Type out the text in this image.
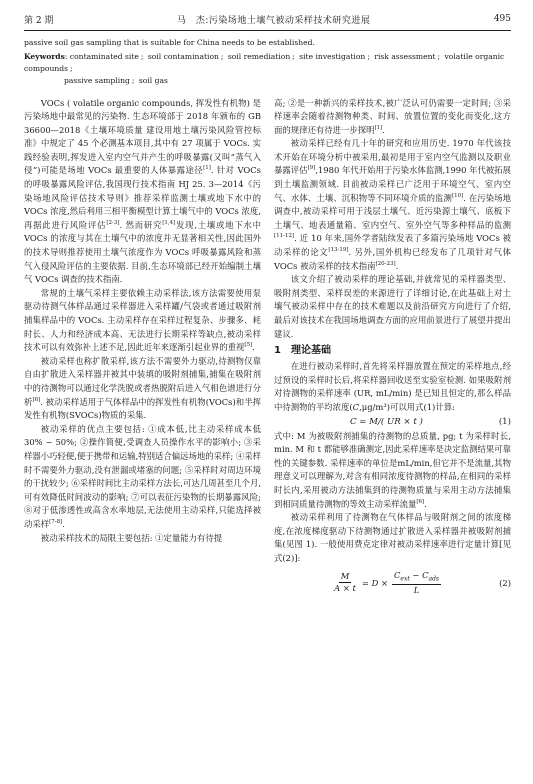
第 2 期	马　杰:污染场地土壤气被动采样技术研究进展	495
passive soil gas sampling that is suitable for China needs to be established.
Keywords: contaminated site ; soil contamination ; soil remediation ; site investigation ; risk assessment ; volatile organic compounds ;
passive sampling ; soil gas

VOCs ( volatile organic compounds, 挥发性有机物) 是污染场地中最常见的污染物. 生态环境部于 2018 年颁布的 GB 36600—2018《土壤环境质量 建设用地土壤污染风险管控标准》中规定了 45 个必测基本项目,其中有 27 项属于 VOCs. 实践经验表明,挥发进入室内空气并产生的呼吸暴露(又叫“蒸气入侵”)可能是场地 VOCs 最重要的人体暴露途径[1]. 针对 VOCs 的呼吸暴露风险评估,我国现行技术指南 HJ 25. 3—2014《污染场地风险评估技术导则》推荐采样监测土壤或地下水中的 VOCs 浓度,然后利用三相平衡模型计算土壤气中的 VOCs 浓度,再据此进行风险评估[2-3]. 然而研究[1,4]发现,土壤或地下水中 VOCs 的浓度与其在土壤气中的浓度并无显著相关性,因此国外的技术导则推荐使用土壤气浓度作为 VOCs 呼吸暴露风险和蒸气入侵风险评估的主要依据. 目前,生态环境部已经开始编制土壤气 VOCs 调查的技术指南.

常规的土壤气采样主要依赖主动采样法,该方法需要使用泵驱动待测气体样品通过采样器进入采样罐/气袋或者通过吸附剂捕集样品中的 VOCs. 主动采样存在采样过程复杂、步骤多、耗时长、人力和经济成本高、无法进行长期采样等缺点,被动采样技术可以有效弥补上述不足,因此近年来逐渐引起业界的重视[5].

被动采样也称扩散采样,该方法不需要外力驱动,待测物仅靠自由扩散进入采样器并被其中装填的吸附剂捕集,捕集在吸附剂中的待测物可以通过化学洗脱或者热脱附后进入气相色谱进行分析[6]. 被动采样适用于气体样品中的挥发性有机物(VOCs)和半挥发性有机物(SVOCs)物质的采集.

被动采样的优点主要包括: ①成本低,比主动采样成本低 30% ~ 50%; ②操作简便,受调查人员操作水平的影响小; ③采样器小巧轻便,便于携带和运输,特别适合偏远场地的采样; ④采样时不需要外力驱动,没有泄漏或堵塞的问题; ⑤采样时对周边环境的干扰较少; ⑥采样时间比主动采样方法长,可达几周甚至几个月,可有效降低时间波动的影响; ⑦可以表征污染物的长期暴露风险; ⑧对于低渗透性或高含水率地层,无法使用主动采样,只能选择被动采样[7-8].

被动采样技术的局限主要包括: ①定量能力有待提

高; ②是一种新兴的采样技术,被广泛认可仍需要一定时间; ③采样速率会随着待测物种类、时间、放置位置的变化而变化,这方面的规律还有待进一步探明[1].

被动采样已经有几十年的研究和应用历史. 1970 年代该技术开始在环境分析中被采用,最初是用于室内空气监测以及职业暴露评估[9],1980 年代开始用于污染水体监测,1990 年代被拓展到土壤监测领域. 目前被动采样已广泛用于环境空气、室内空气、水体、土壤、沉积物等不同环境介质的监测[10]. 在污染场地调查中,被动采样可用于浅层土壤气、近污染源土壤气、底板下土壤气、地表通量箱、室内空气、室外空气等多种样品的监测[11-12]. 近 10 年来,国外学者陆续发表了多篇污染场地 VOCs 被动采样的论文[13-19]. 另外,国外机构已经发布了几项针对气体 VOCs 被动采样的技术指南[20-23].

该文介绍了被动采样的理论基础,并就常见的采样器类型、吸附剂类型、采样误差的来源进行了详细讨论,在此基础上对土壤气被动采样中存在的技术难题以及前沿研究方向进行了介绍,最后对该技术在我国场地调查方面的应用前景进行了展望并提出建议.

1 理论基础

在进行被动采样时,首先将采样器放置在预定的采样地点,经过预设的采样时长后,将采样器回收送至实验室检测. 如果吸附剂对待测物的采样速率 (UR, mL/min) 是已知且恒定的,那么样品中待测物的平均浓度(C,μg/m³)可以用式(1)计算:

C = M/( UR × t )	(1)

式中: M 为被吸附剂捕集的待测物的总质量, pg; t 为采样时长, min. M 和 t 都能够准确测定,因此采样速率是决定监测结果可靠性的关键参数. 采样速率的单位是mL/min,但它并不是流量,其物理意义可以理解为,对含有相同浓度待测物的样品,在相同的采样时长内,采用被动方法捕集到的待测物质量与采用主动方法捕集到相同质量待测物的等效主动采样流量[6].

被动采样利用了待测物在气体样品与吸附剂之间的浓度梯度,在浓度梯度驱动下待测物通过扩散进入采样器并被吸附剂捕集(见图 1). 一般使用费克定律对被动采样速率进行定量计算[见式(2)]:

$\frac{M}{A \times t} = D \times \frac{C_{ext} - C_{ads}}{L}$	(2)
